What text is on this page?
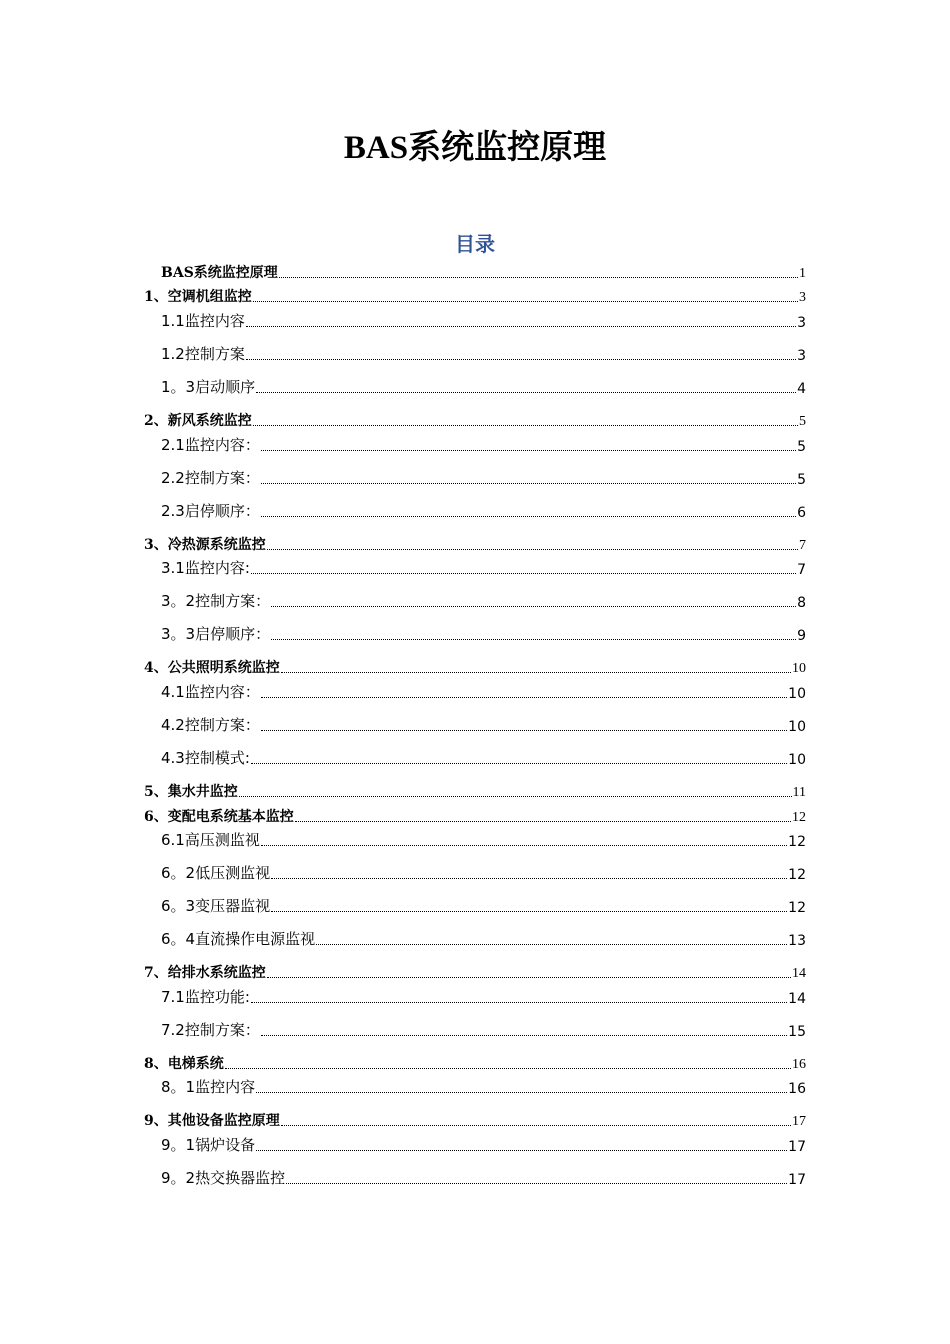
BAS系统监控原理
目录
BAS系统监控原理	1
1、空调机组监控	3
1.1监控内容	3
1.2控制方案	3
1。3启动顺序	4
2、新风系统监控	5
2.1监控内容：	5
2.2控制方案：	5
2.3启停顺序：	6
3、冷热源系统监控	7
3.1监控内容:	7
3。2控制方案：	8
3。3启停顺序：	9
4、公共照明系统监控	10
4.1监控内容：	10
4.2控制方案：	10
4.3控制模式:	10
5、集水井监控	11
6、变配电系统基本监控	12
6.1高压测监视	12
6。2低压测监视	12
6。3变压器监视	12
6。4直流操作电源监视	13
7、给排水系统监控	14
7.1监控功能:	14
7.2控制方案：	15
8、电梯系统	16
8。1监控内容	16
9、其他设备监控原理	17
9。1锅炉设备	17
9。2热交换器监控	17
